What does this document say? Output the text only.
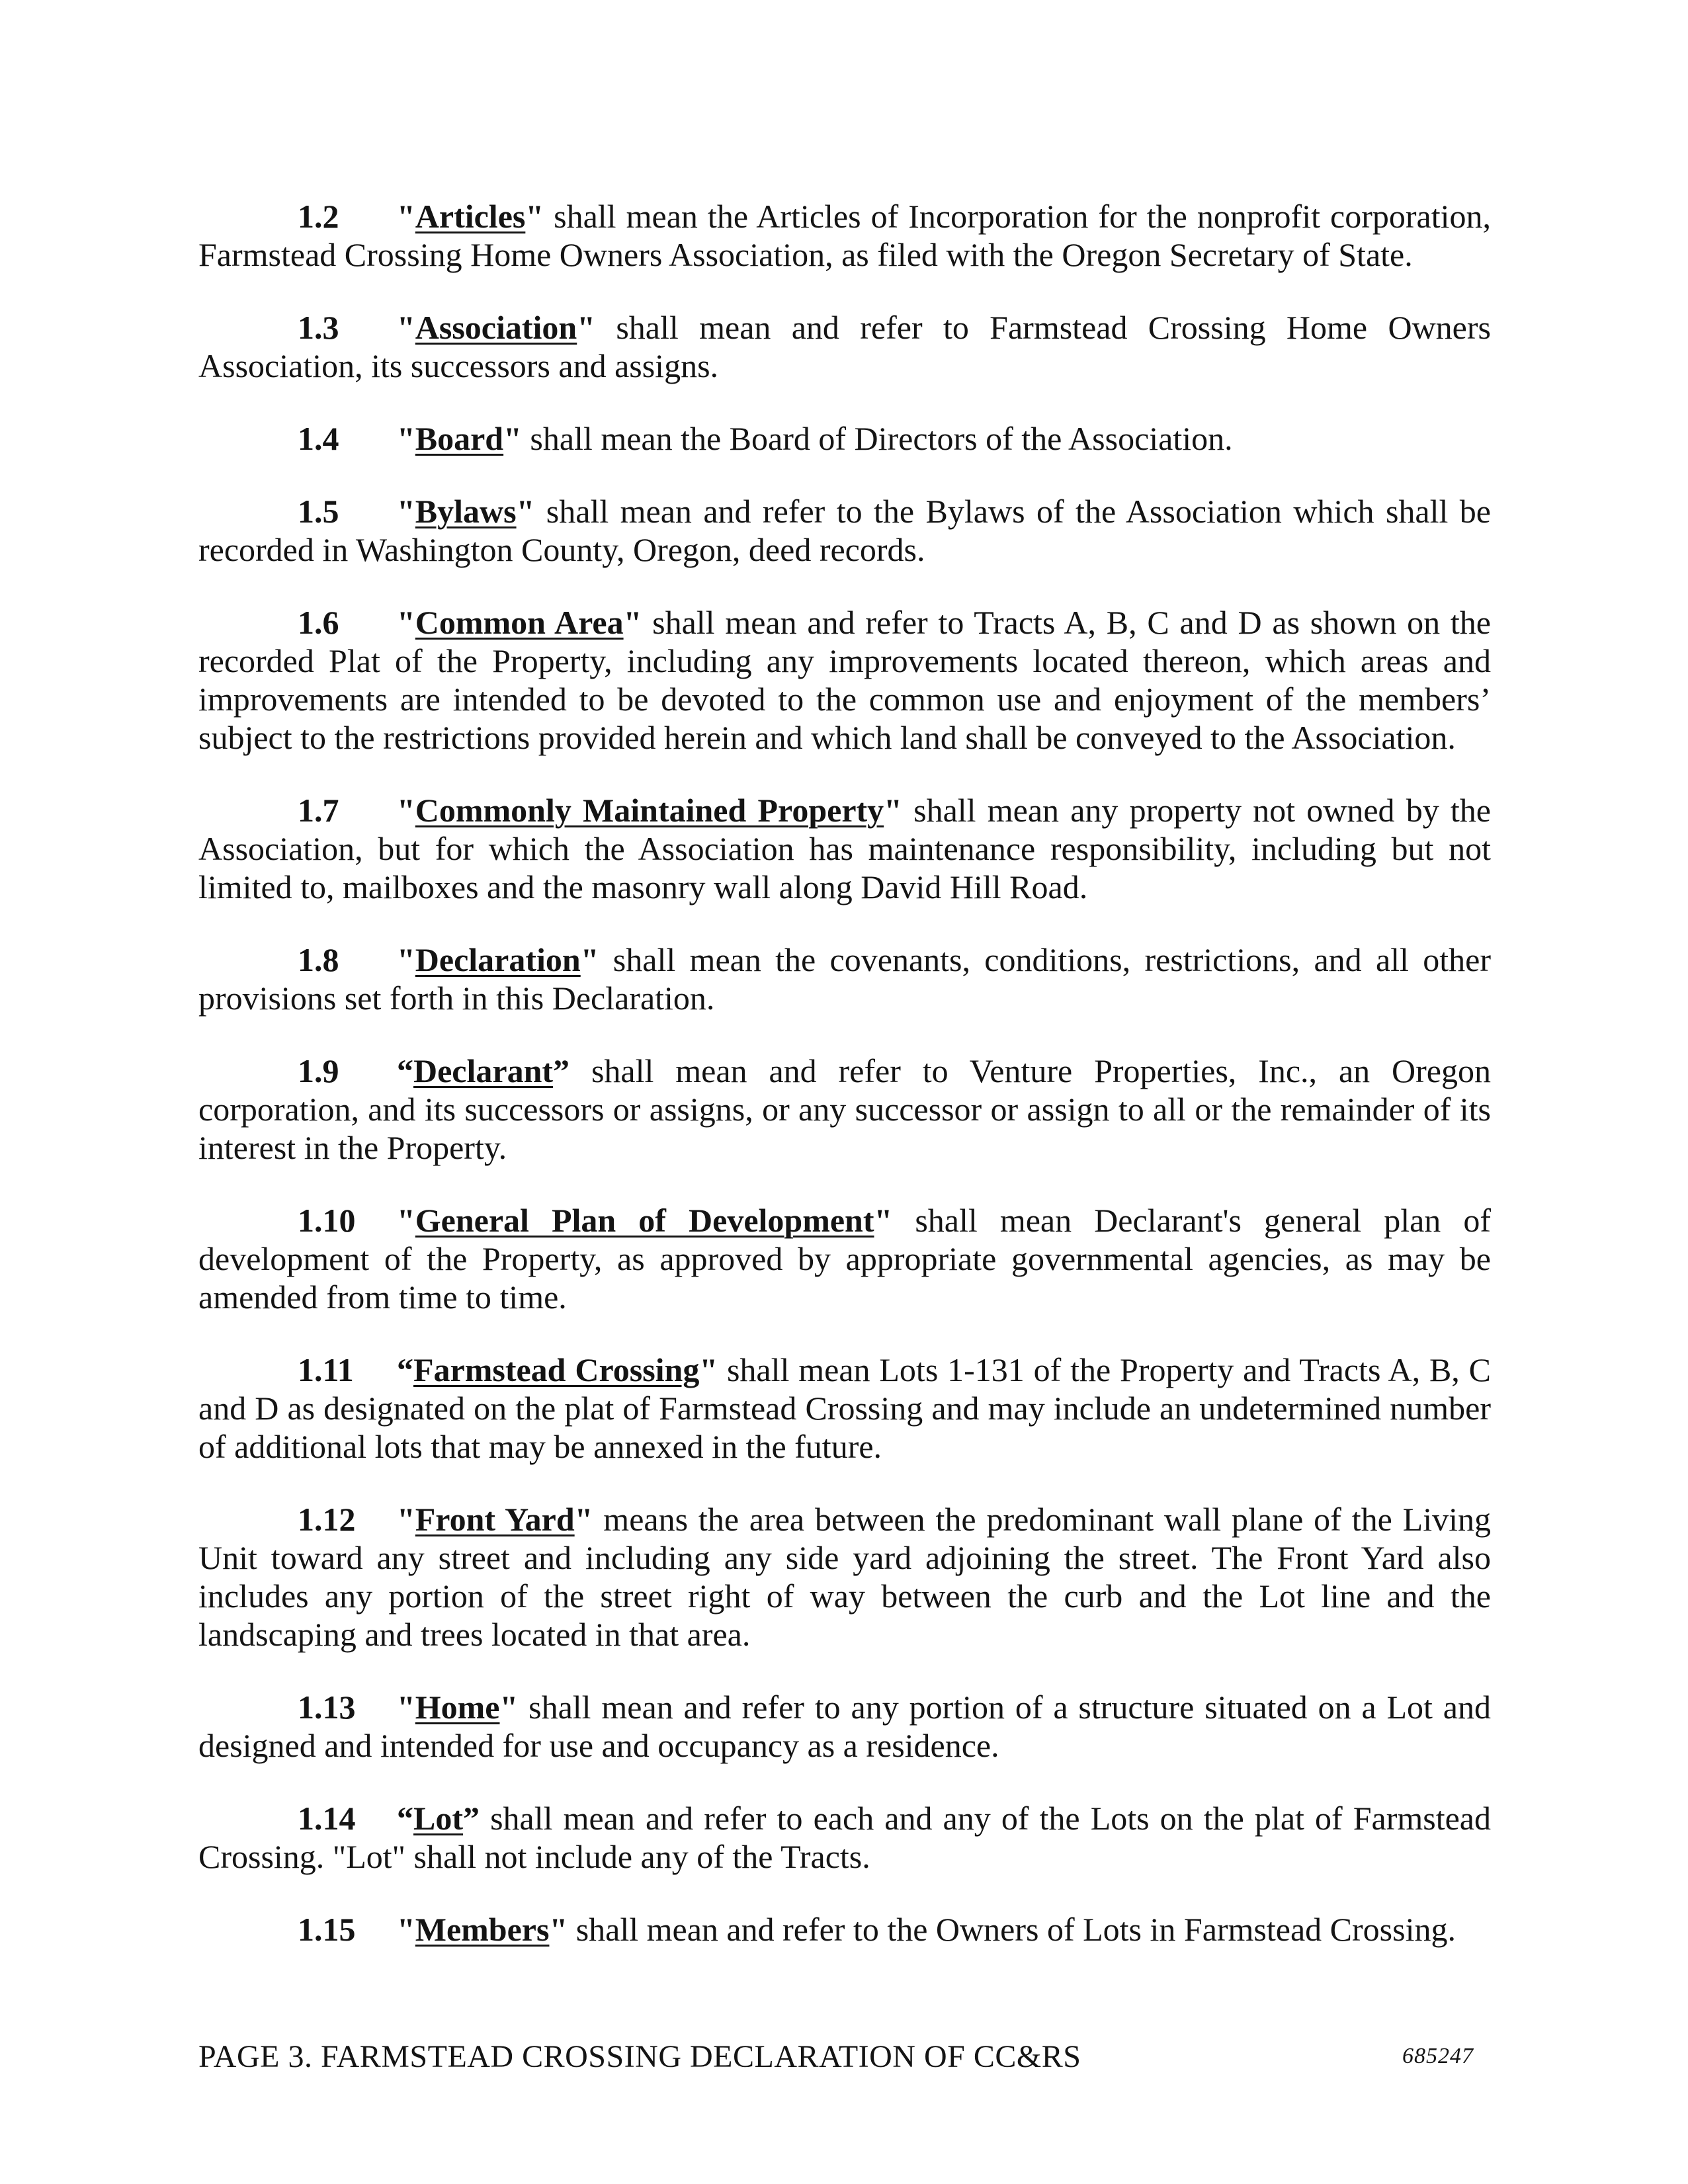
1.2 "Articles" shall mean the Articles of Incorporation for the nonprofit corporation, Farmstead Crossing Home Owners Association, as filed with the Oregon Secretary of State.

1.3 "Association" shall mean and refer to Farmstead Crossing Home Owners Association, its successors and assigns.

1.4 "Board" shall mean the Board of Directors of the Association.

1.5 "Bylaws" shall mean and refer to the Bylaws of the Association which shall be recorded in Washington County, Oregon, deed records.

1.6 "Common Area" shall mean and refer to Tracts A, B, C and D as shown on the recorded Plat of the Property, including any improvements located thereon, which areas and improvements are intended to be devoted to the common use and enjoyment of the members’ subject to the restrictions provided herein and which land shall be conveyed to the Association.

1.7 "Commonly Maintained Property" shall mean any property not owned by the Association, but for which the Association has maintenance responsibility, including but not limited to, mailboxes and the masonry wall along David Hill Road.

1.8 "Declaration" shall mean the covenants, conditions, restrictions, and all other provisions set forth in this Declaration.

1.9 “Declarant” shall mean and refer to Venture Properties, Inc., an Oregon corporation, and its successors or assigns, or any successor or assign to all or the remainder of its interest in the Property.

1.10 "General Plan of Development" shall mean Declarant's general plan of development of the Property, as approved by appropriate governmental agencies, as may be amended from time to time.

1.11 “Farmstead Crossing" shall mean Lots 1-131 of the Property and Tracts A, B, C and D as designated on the plat of Farmstead Crossing and may include an undetermined number of additional lots that may be annexed in the future.

1.12 "Front Yard" means the area between the predominant wall plane of the Living Unit toward any street and including any side yard adjoining the street. The Front Yard also includes any portion of the street right of way between the curb and the Lot line and the landscaping and trees located in that area.

1.13 "Home" shall mean and refer to any portion of a structure situated on a Lot and designed and intended for use and occupancy as a residence.

1.14 “Lot” shall mean and refer to each and any of the Lots on the plat of Farmstead Crossing. "Lot" shall not include any of the Tracts.

1.15 "Members" shall mean and refer to the Owners of Lots in Farmstead Crossing.

PAGE 3. FARMSTEAD CROSSING DECLARATION OF CC&RS	685247
